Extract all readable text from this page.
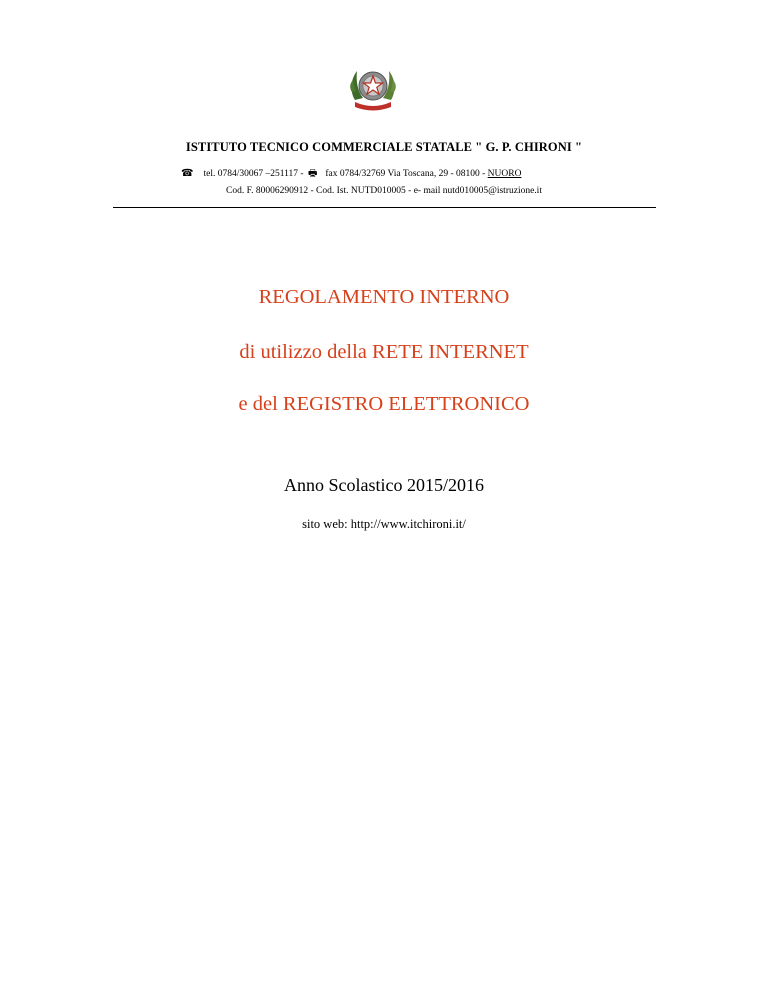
ISTITUTO TECNICO COMMERCIALE STATALE " G. P. CHIRONI "
☎ tel. 0784/30067 –251117 - 🖶 fax 0784/32769 Via Toscana, 29 - 08100 - NUORO
Cod. F. 80006290912 - Cod. Ist. NUTD010005 - e- mail nutd010005@istruzione.it
REGOLAMENTO INTERNO
di utilizzo della RETE INTERNET
e del REGISTRO ELETTRONICO
Anno Scolastico 2015/2016
sito web: http://www.itchironi.it/
